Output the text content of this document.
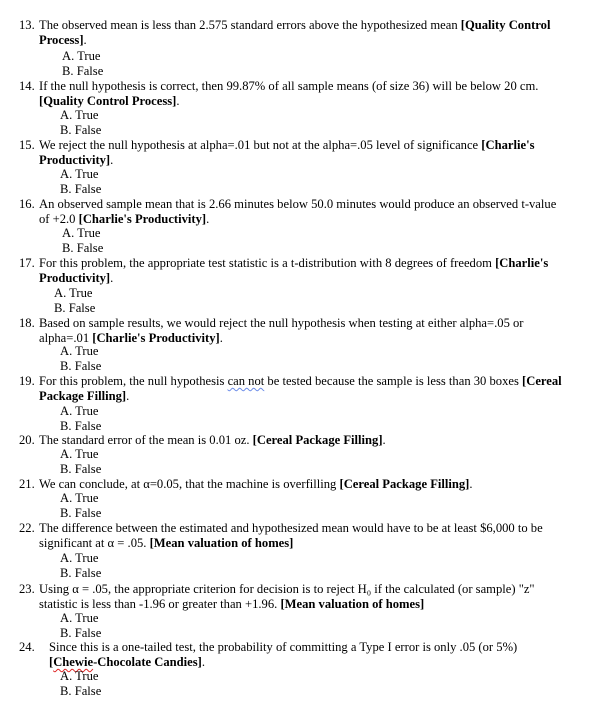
13. The observed mean is less than 2.575 standard errors above the hypothesized mean [Quality Control Process].
A. True
B. False
14. If the null hypothesis is correct, then 99.87% of all sample means (of size 36) will be below 20 cm. [Quality Control Process].
A. True
B. False
15. We reject the null hypothesis at alpha=.01 but not at the alpha=.05 level of significance [Charlie's Productivity].
A. True
B. False
16. An observed sample mean that is 2.66 minutes below 50.0 minutes would produce an observed t-value of +2.0 [Charlie's Productivity].
A. True
B. False
17. For this problem, the appropriate test statistic is a t-distribution with 8 degrees of freedom [Charlie's Productivity].
A. True
B. False
18. Based on sample results, we would reject the null hypothesis when testing at either alpha=.05 or alpha=.01 [Charlie's Productivity].
A. True
B. False
19. For this problem, the null hypothesis can not be tested because the sample is less than 30 boxes [Cereal Package Filling].
A. True
B. False
20. The standard error of the mean is 0.01 oz. [Cereal Package Filling].
A. True
B. False
21. We can conclude, at α=0.05, that the machine is overfilling [Cereal Package Filling].
A. True
B. False
22. The difference between the estimated and hypothesized mean would have to be at least $6,000 to be significant at α = .05. [Mean valuation of homes]
A. True
B. False
23. Using α = .05, the appropriate criterion for decision is to reject H₀ if the calculated (or sample) "z" statistic is less than -1.96 or greater than +1.96. [Mean valuation of homes]
A. True
B. False
24. Since this is a one-tailed test, the probability of committing a Type I error is only .05 (or 5%) [Chewie-Chocolate Candies].
A. True
B. False
